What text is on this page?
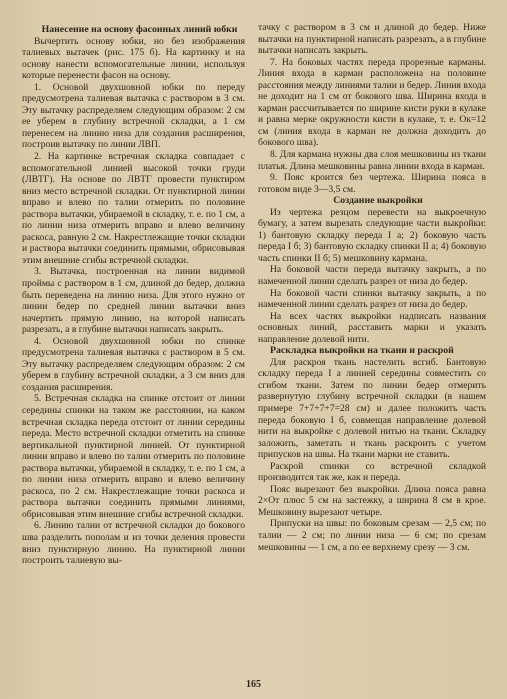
Нанесение на основу фасонных линий юбки

Вычертить основу юбки, но без изображения талиевых вытачек (рис. 175 б). На картинку и на основу нанести вспомогательные линии, используя которые перенести фасон на основу.

1. Основой двухшовной юбки по переду предусмотрена талиевая вытачка с раствором в 3 см. Эту вытачку распределяем следующим образом: 2 см ее уберем в глубину встречной складки, а 1 см перенесем на линию низа для создания расширения, построив вытачку по линии ЛВП.

2. На картинке встречная складка совпадает с вспомогательной линией высокой точки груди (ЛВТГ). На основе по ЛВТГ провести пунктиром вниз место встречной складки. От пунктирной линии вправо и влево по талии отмерить по половине раствора вытачки, убираемой в складку, т. е. по 1 см, а по линии низа отмерить вправо и влево величину раскоса, равную 2 см. Накрестлежащие точки складки и раствора вытачки соединить прямыми, обрисовывая этим внешние сгибы встречной складки.

3. Вытачка, построенная на линии видимой проймы с раствором в 1 см, длиной до бедер, должна быть переведена на линию низа. Для этого нужно от линии бедер по средней линии вытачки вниз начертить прямую линию, на которой написать разрезать, а в глубине вытачки написать закрыть.

4. Основой двухшовной юбки по спинке предусмотрена талиевая вытачка с раствором в 5 см. Эту вытачку распределяем следующим образом: 2 см уберем в глубину встречной складки, а 3 см вниз для создания расширения.

5. Встречная складка на спинке отстоит от линии середины спинки на таком же расстоянии, на каком встречная складка переда отстоит от линии середины переда. Место встречной складки отметить на спинке вертикальной пунктирной линией. От пунктирной линии вправо и влево по талии отмерить по половине раствора вытачки, убираемой в складку, т. е. по 1 см, а по линии низа отмерить вправо и влево величину раскоса, по 2 см. Накрестлежащие точки раскоса и раствора вытачки соединить прямыми линиями, обрисовывая этим внешние сгибы встречной складки.

6. Линию талии от встречной складки до бокового шва разделить пополам и из точки деления провести вниз пунктирную линию. На пунктирной линии построить талиевую вы-

тачку с раствором в 3 см и длиной до бедер. Ниже вытачки на пунктирной написать разрезать, а в глубине вытачки написать закрыть.

7. На боковых частях переда прорезные карманы. Линия входа в карман расположена на половине расстояния между линиями талии и бедер. Линия входа не доходит на 1 см от бокового шва. Ширина входа в карман рассчитывается по ширине кисти руки в кулаке и равна мерке окружности кисти в кулаке, т. е. Ок=12 см (линия входа в карман не должна доходить до бокового шва).

8. Для кармана нужны два слоя мешковины из ткани платья. Длина мешковины равна линии входа в карман.

9. Пояс кроится без чертежа. Ширина пояса в готовом виде 3—3,5 см.

Создание выкройки

Из чертежа резцом перевести на выкроечную бумагу, а затем вырезать следующие части выкройки: 1) бантовую складку переда I а; 2) боковую часть переда I б; 3) бантовую складку спинки II а; 4) боковую часть спинки II б; 5) мешковину кармана.

На боковой части переда вытачку закрыть, а по намеченной линии сделать разрез от низа до бедер.

На боковой части спинки вытачку закрыть, а по намеченной линии сделать разрез от низа до бедер.

На всех частях выкройки надписать названия основных линий, расставить марки и указать направление долевой нити.

Раскладка выкройки на ткани и раскрой

Для раскроя ткань настелить всгиб. Бантовую складку переда I а линией середины совместить со сгибом ткани. Затем по линии бедер отмерить развернутую глубину встречной складки (в нашем примере 7+7+7+7=28 см) и далее положить часть переда боковую I б, совмещая направление долевой нити на выкройке с долевой нитью на ткани. Складку заложить, заметать и ткань раскроить с учетом припусков на швы. На ткани марки не ставить.

Раскрой спинки со встречной складкой производится так же, как и переда.

Пояс вырезают без выкройки. Длина пояса равна 2×От плюс 5 см на застежку, а ширина 8 см в крое. Мешковину вырезают четыре.

Припуски на швы: по боковым срезам — 2,5 см; по талии — 2 см; по линии низа — 6 см; по срезам мешковины — 1 см, а по ее верхнему срезу — 3 см.

165
